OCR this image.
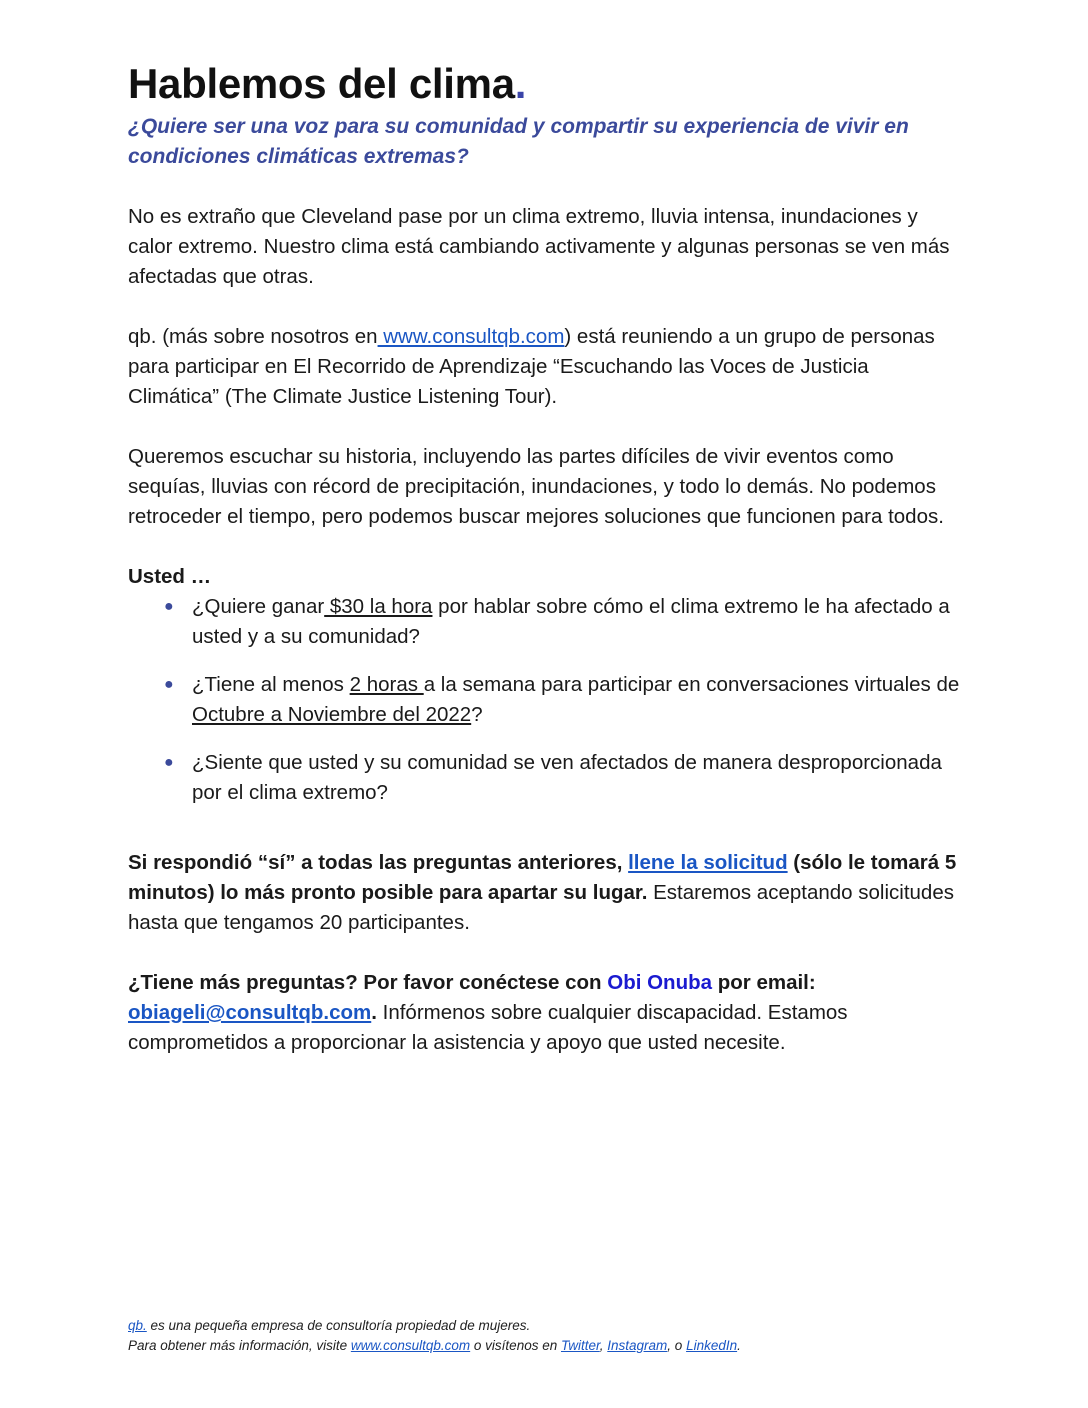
Hablemos del clima.

¿Quiere ser una voz para su comunidad y compartir su experiencia de vivir en condiciones climáticas extremas?

No es extraño que Cleveland pase por un clima extremo, lluvia intensa, inundaciones y calor extremo. Nuestro clima está cambiando activamente y algunas personas se ven más afectadas que otras.

qb. (más sobre nosotros en www.consultqb.com) está reuniendo a un grupo de personas para participar en El Recorrido de Aprendizaje “Escuchando las Voces de Justicia Climática” (The Climate Justice Listening Tour).

Queremos escuchar su historia, incluyendo las partes difíciles de vivir eventos como sequías, lluvias con récord de precipitación, inundaciones, y todo lo demás. No podemos retroceder el tiempo, pero podemos buscar mejores soluciones que funcionen para todos.

Usted …

● ¿Quiere ganar $30 la hora por hablar sobre cómo el clima extremo le ha afectado a usted y a su comunidad?
● ¿Tiene al menos 2 horas a la semana para participar en conversaciones virtuales de Octubre a Noviembre del 2022?
● ¿Siente que usted y su comunidad se ven afectados de manera desproporcionada por el clima extremo?

Si respondió “sí” a todas las preguntas anteriores, llene la solicitud (sólo le tomará 5 minutos) lo más pronto posible para apartar su lugar. Estaremos aceptando solicitudes hasta que tengamos 20 participantes.

¿Tiene más preguntas? Por favor conéctese con Obi Onuba por email: obiageli@consultqb.com. Infórmenos sobre cualquier discapacidad. Estamos comprometidos a proporcionar la asistencia y apoyo que usted necesite.

qb. es una pequeña empresa de consultoría propiedad de mujeres.
Para obtener más información, visite www.consultqb.com o visítenos en Twitter, Instagram, o LinkedIn.
